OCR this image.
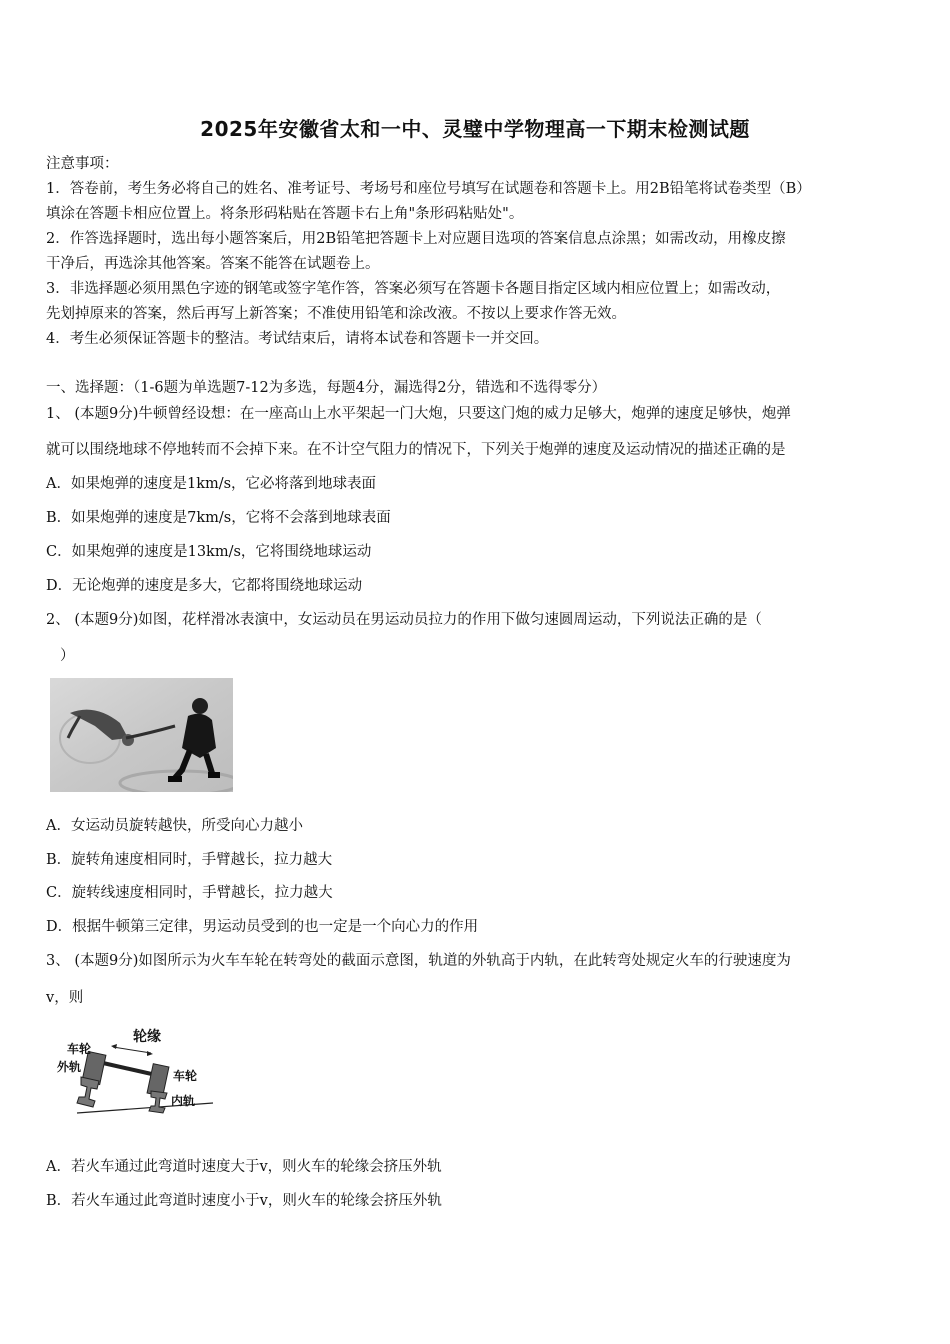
2025年安徽省太和一中、灵璧中学物理高一下期末检测试题
注意事项：
1．答卷前，考生务必将自己的姓名、准考证号、考场号和座位号填写在试题卷和答题卡上。用2B铅笔将试卷类型（B）
填涂在答题卡相应位置上。将条形码粘贴在答题卡右上角"条形码粘贴处"。
2．作答选择题时，选出每小题答案后，用2B铅笔把答题卡上对应题目选项的答案信息点涂黑；如需改动，用橡皮擦
干净后，再选涂其他答案。答案不能答在试题卷上。
3．非选择题必须用黑色字迹的钢笔或签字笔作答，答案必须写在答题卡各题目指定区域内相应位置上；如需改动，
先划掉原来的答案，然后再写上新答案；不准使用铅笔和涂改液。不按以上要求作答无效。
4．考生必须保证答题卡的整洁。考试结束后，请将本试卷和答题卡一并交回。
一、选择题：（1-6题为单选题7-12为多选，每题4分，漏选得2分，错选和不选得零分）
1、 (本题9分)牛顿曾经设想：在一座高山上水平架起一门大炮，只要这门炮的威力足够大，炮弹的速度足够快，炮弹
就可以围绕地球不停地转而不会掉下来。在不计空气阻力的情况下，下列关于炮弹的速度及运动情况的描述正确的是
A．如果炮弹的速度是1km/s，它必将落到地球表面
B．如果炮弹的速度是7km/s，它将不会落到地球表面
C．如果炮弹的速度是13km/s，它将围绕地球运动
D．无论炮弹的速度是多大，它都将围绕地球运动
2、 (本题9分)如图，花样滑冰表演中，女运动员在男运动员拉力的作用下做匀速圆周运动，下列说法正确的是（
）
A．女运动员旋转越快，所受向心力越小
B．旋转角速度相同时，手臂越长，拉力越大
C．旋转线速度相同时，手臂越长，拉力越大
D．根据牛顿第三定律，男运动员受到的也一定是一个向心力的作用
3、 (本题9分)如图所示为火车车轮在转弯处的截面示意图，轨道的外轨高于内轨，在此转弯处规定火车的行驶速度为
v，则
轮缘
车轮
外轨
车轮
内轨
A．若火车通过此弯道时速度大于v，则火车的轮缘会挤压外轨
B．若火车通过此弯道时速度小于v，则火车的轮缘会挤压外轨
